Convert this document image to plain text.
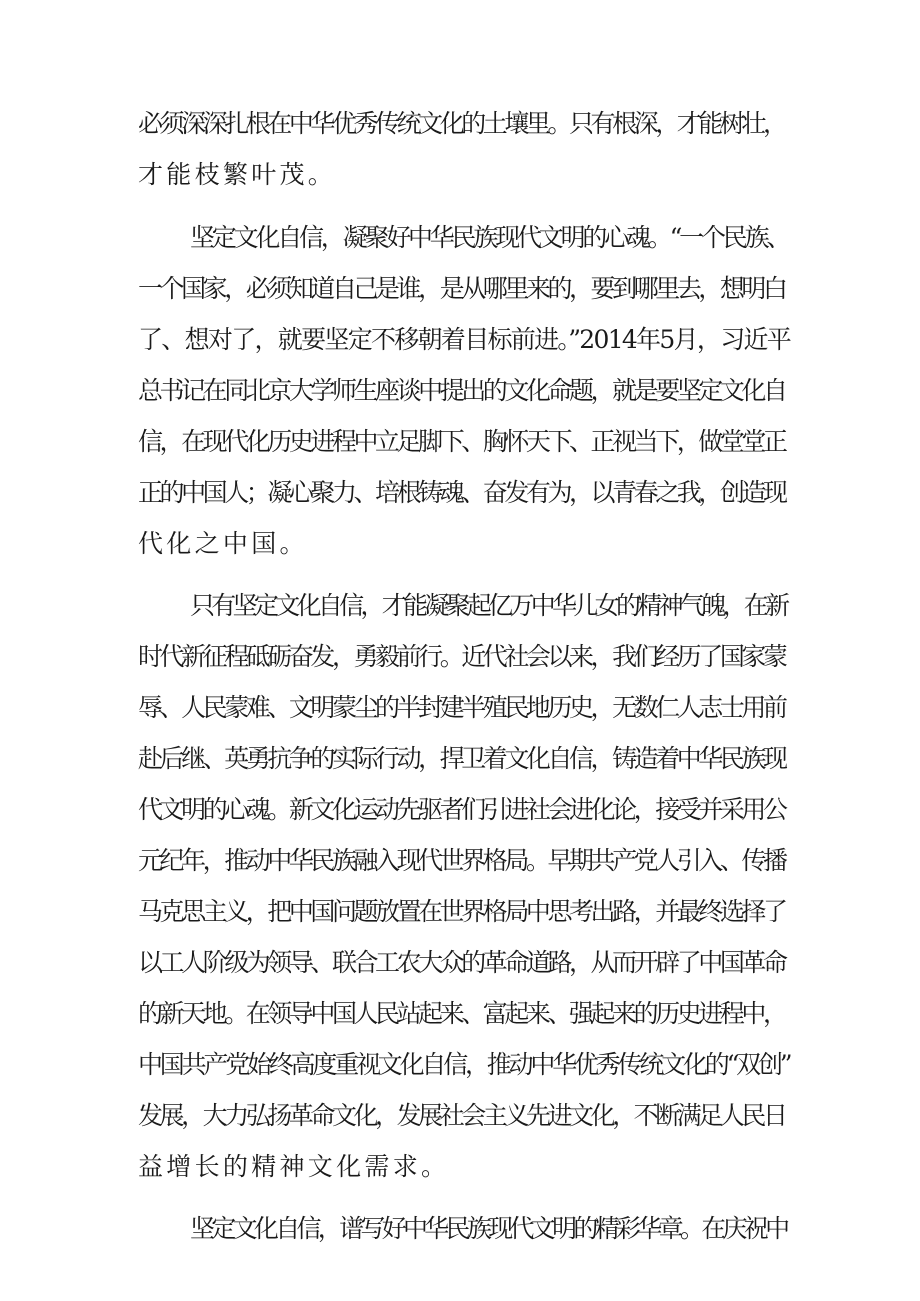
必须深深扎根在中华优秀传统文化的土壤里。只有根深，才能树壮，
才能枝繁叶茂。
坚定文化自信，凝聚好中华民族现代文明的心魂。“一个民族、
一个国家，必须知道自己是谁，是从哪里来的，要到哪里去，想明白
了、想对了，就要坚定不移朝着目标前进。”2014年5月，习近平
总书记在同北京大学师生座谈中提出的文化命题，就是要坚定文化自
信，在现代化历史进程中立足脚下、胸怀天下、正视当下，做堂堂正
正的中国人；凝心聚力、培根铸魂、奋发有为，以青春之我，创造现
代化之中国。
只有坚定文化自信，才能凝聚起亿万中华儿女的精神气魄，在新
时代新征程砥砺奋发，勇毅前行。近代社会以来，我们经历了国家蒙
辱、人民蒙难、文明蒙尘的半封建半殖民地历史，无数仁人志士用前
赴后继、英勇抗争的实际行动，捍卫着文化自信，铸造着中华民族现
代文明的心魂。新文化运动先驱者们引进社会进化论，接受并采用公
元纪年，推动中华民族融入现代世界格局。早期共产党人引入、传播
马克思主义，把中国问题放置在世界格局中思考出路，并最终选择了
以工人阶级为领导、联合工农大众的革命道路，从而开辟了中国革命
的新天地。在领导中国人民站起来、富起来、强起来的历史进程中，
中国共产党始终高度重视文化自信，推动中华优秀传统文化的“双创”
发展，大力弘扬革命文化，发展社会主义先进文化，不断满足人民日
益增长的精神文化需求。
坚定文化自信，谱写好中华民族现代文明的精彩华章。在庆祝中
